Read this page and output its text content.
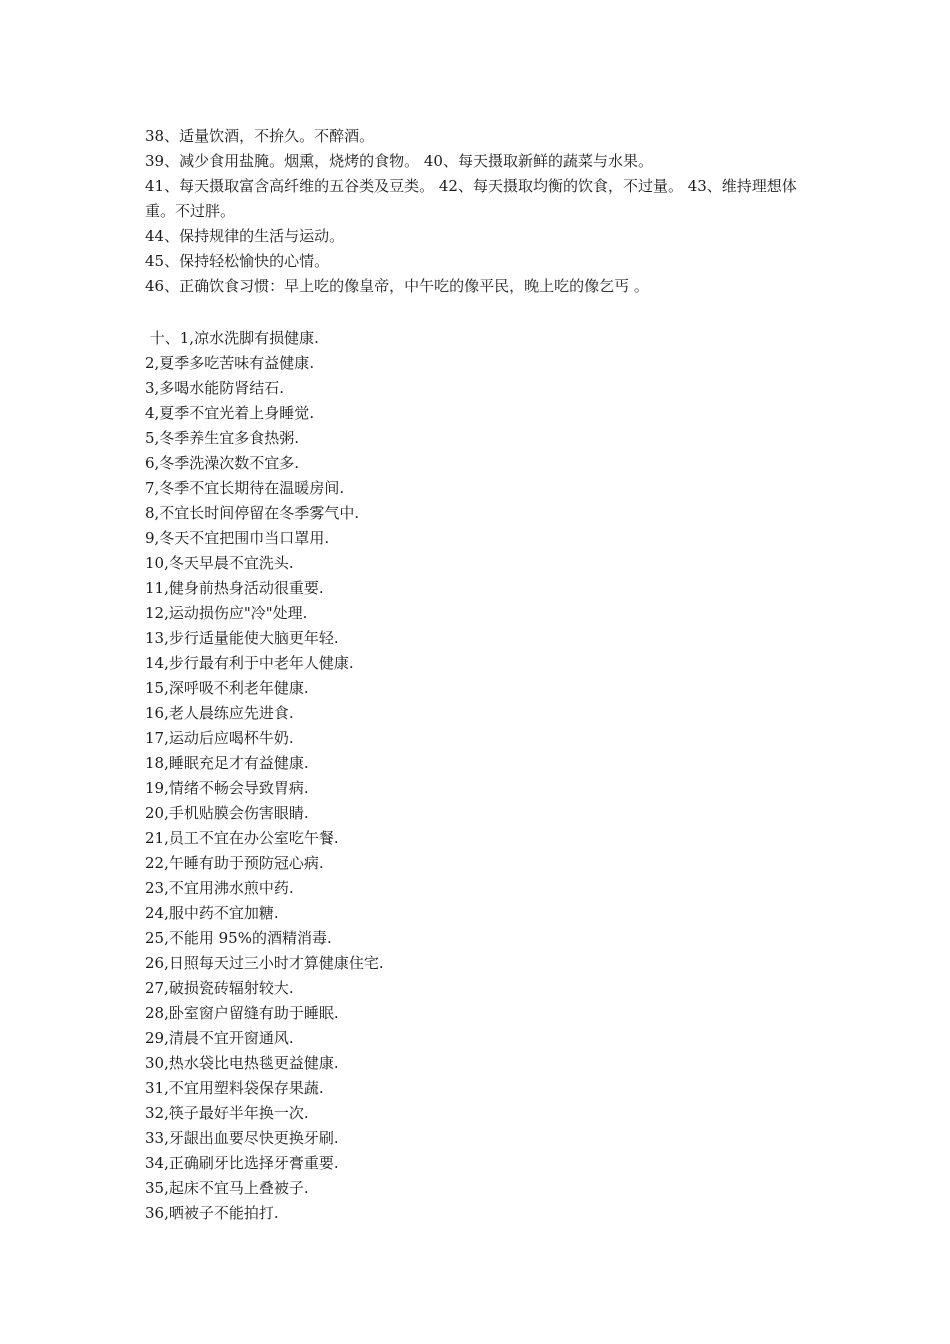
38、适量饮酒，不拚久。不醉酒。

39、减少食用盐腌。烟熏，烧烤的食物。 40、每天摄取新鲜的蔬菜与水果。

41、每天摄取富含高纤维的五谷类及豆类。 42、每天摄取均衡的饮食，不过量。 43、维持理想体重。不过胖。

44、保持规律的生活与运动。

45、保持轻松愉快的心情。

46、正确饮食习惯：早上吃的像皇帝，中午吃的像平民，晚上吃的像乞丐 。

十、1,凉水洗脚有损健康.

2,夏季多吃苦味有益健康.

3,多喝水能防肾结石.

4,夏季不宜光着上身睡觉.

5,冬季养生宜多食热粥.

6,冬季洗澡次数不宜多.

7,冬季不宜长期待在温暖房间.

8,不宜长时间停留在冬季雾气中.

9,冬天不宜把围巾当口罩用.

10,冬天早晨不宜洗头.

11,健身前热身活动很重要.

12,运动损伤应"冷"处理.

13,步行适量能使大脑更年轻.

14,步行最有利于中老年人健康.

15,深呼吸不利老年健康.

16,老人晨练应先进食.

17,运动后应喝杯牛奶.

18,睡眠充足才有益健康.

19,情绪不畅会导致胃病.

20,手机贴膜会伤害眼睛.

21,员工不宜在办公室吃午餐.

22,午睡有助于预防冠心病.

23,不宜用沸水煎中药.

24,服中药不宜加糖.

25,不能用 95%的酒精消毒.

26,日照每天过三小时才算健康住宅.

27,破损瓷砖辐射较大.

28,卧室窗户留缝有助于睡眠.

29,清晨不宜开窗通风.

30,热水袋比电热毯更益健康.

31,不宜用塑料袋保存果蔬.

32,筷子最好半年换一次.

33,牙龈出血要尽快更换牙刷.

34,正确刷牙比选择牙膏重要.

35,起床不宜马上叠被子.

36,晒被子不能拍打.
